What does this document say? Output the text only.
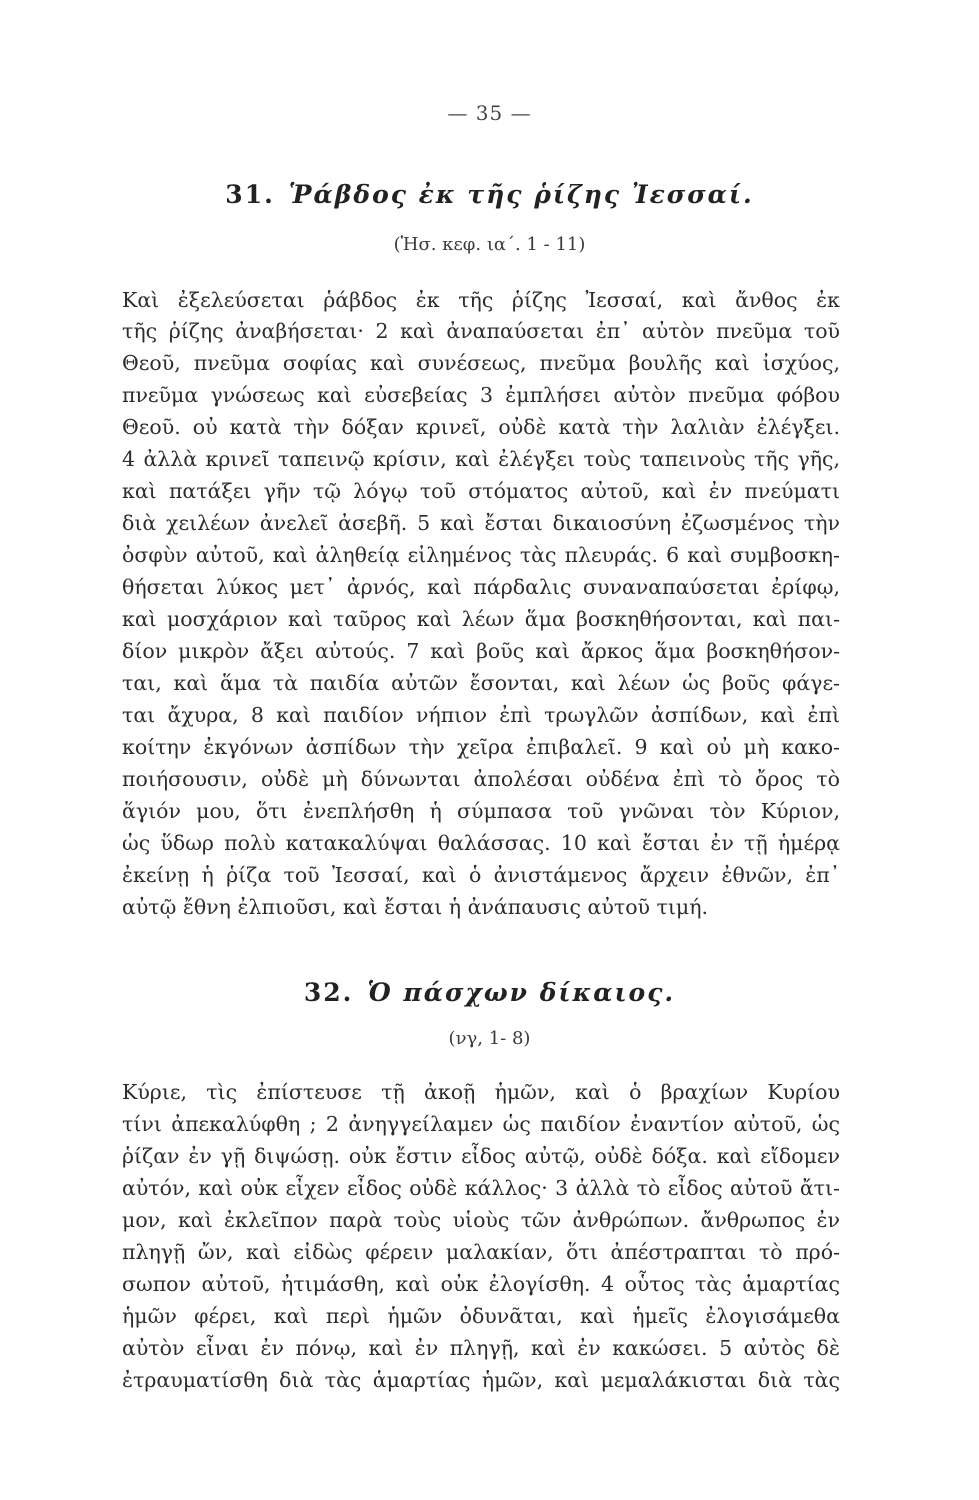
— 35 —
31. Ῥάβδος ἐκ τῆς ῥίζης Ἰεσσαί.
(Ἡσ. κεφ. ια΄. 1 - 11)
Καὶ ἐξελεύσεται ῥάβδος ἐκ τῆς ῥίζης Ἰεσσαί, καὶ ἄνθος ἐκ
τῆς ῥίζης ἀναβήσεται· 2 καὶ ἀναπαύσεται ἐπ᾿ αὐτὸν πνεῦμα τοῦ
Θεοῦ, πνεῦμα σοφίας καὶ συνέσεως, πνεῦμα βουλῆς καὶ ἰσχύος,
πνεῦμα γνώσεως καὶ εὐσεβείας 3 ἐμπλήσει αὐτὸν πνεῦμα φόβου
Θεοῦ. οὐ κατὰ τὴν δόξαν κρινεῖ, οὐδὲ κατὰ τὴν λαλιὰν ἐλέγξει.
4 ἀλλὰ κρινεῖ ταπεινῷ κρίσιν, καὶ ἐλέγξει τοὺς ταπεινοὺς τῆς γῆς,
καὶ πατάξει γῆν τῷ λόγῳ τοῦ στόματος αὐτοῦ, καὶ ἐν πνεύματι
διὰ χειλέων ἀνελεῖ ἀσεβῆ. 5 καὶ ἔσται δικαιοσύνη ἐζωσμένος τὴν
ὀσφὺν αὐτοῦ, καὶ ἀληθείᾳ εἰλημένος τὰς πλευράς. 6 καὶ συμβοσκη-
θήσεται λύκος μετ᾿ ἀρνός, καὶ πάρδαλις συναναπαύσεται ἐρίφῳ,
καὶ μοσχάριον καὶ ταῦρος καὶ λέων ἅμα βοσκηθήσονται, καὶ παι-
δίον μικρὸν ἄξει αὐτούς. 7 καὶ βοῦς καὶ ἄρκος ἅμα βοσκηθήσον-
ται, καὶ ἅμα τὰ παιδία αὐτῶν ἔσονται, καὶ λέων ὡς βοῦς φάγε-
ται ἄχυρα, 8 καὶ παιδίον νήπιον ἐπὶ τρωγλῶν ἀσπίδων, καὶ ἐπὶ
κοίτην ἐκγόνων ἀσπίδων τὴν χεῖρα ἐπιβαλεῖ. 9 καὶ οὐ μὴ κακο-
ποιήσουσιν, οὐδὲ μὴ δύνωνται ἀπολέσαι οὐδένα ἐπὶ τὸ ὄρος τὸ
ἅγιόν μου, ὅτι ἐνεπλήσθη ἡ σύμπασα τοῦ γνῶναι τὸν Κύριον,
ὡς ὕδωρ πολὺ κατακαλύψαι θαλάσσας. 10 καὶ ἔσται ἐν τῇ ἡμέρᾳ
ἐκείνῃ ἡ ῥίζα τοῦ Ἰεσσαί, καὶ ὁ ἀνιστάμενος ἄρχειν ἐθνῶν, ἐπ᾿
αὐτῷ ἔθνη ἐλπιοῦσι, καὶ ἔσται ἡ ἀνάπαυσις αὐτοῦ τιμή.
32. Ὁ πάσχων δίκαιος.
(νγ, 1- 8)
Κύριε, τὶς ἐπίστευσε τῇ ἀκοῇ ἡμῶν, καὶ ὁ βραχίων Κυρίου
τίνι ἀπεκαλύφθη ; 2 ἀνηγγείλαμεν ὡς παιδίον ἐναντίον αὐτοῦ, ὡς
ῥίζαν ἐν γῇ διψώσῃ. οὐκ ἔστιν εἶδος αὐτῷ, οὐδὲ δόξα. καὶ εἴδομεν
αὐτόν, καὶ οὐκ εἶχεν εἶδος οὐδὲ κάλλος· 3 ἀλλὰ τὸ εἶδος αὐτοῦ ἄτι-
μον, καὶ ἐκλεῖπον παρὰ τοὺς υἱοὺς τῶν ἀνθρώπων. ἄνθρωπος ἐν
πληγῇ ὤν, καὶ εἰδὼς φέρειν μαλακίαν, ὅτι ἀπέστραπται τὸ πρό-
σωπον αὐτοῦ, ἠτιμάσθη, καὶ οὐκ ἐλογίσθη. 4 οὗτος τὰς ἁμαρτίας
ἡμῶν φέρει, καὶ περὶ ἡμῶν ὀδυνᾶται, καὶ ἡμεῖς ἐλογισάμεθα
αὐτὸν εἶναι ἐν πόνῳ, καὶ ἐν πληγῇ, καὶ ἐν κακώσει. 5 αὐτὸς δὲ
ἐτραυματίσθη διὰ τὰς ἁμαρτίας ἡμῶν, καὶ μεμαλάκισται διὰ τὰς
